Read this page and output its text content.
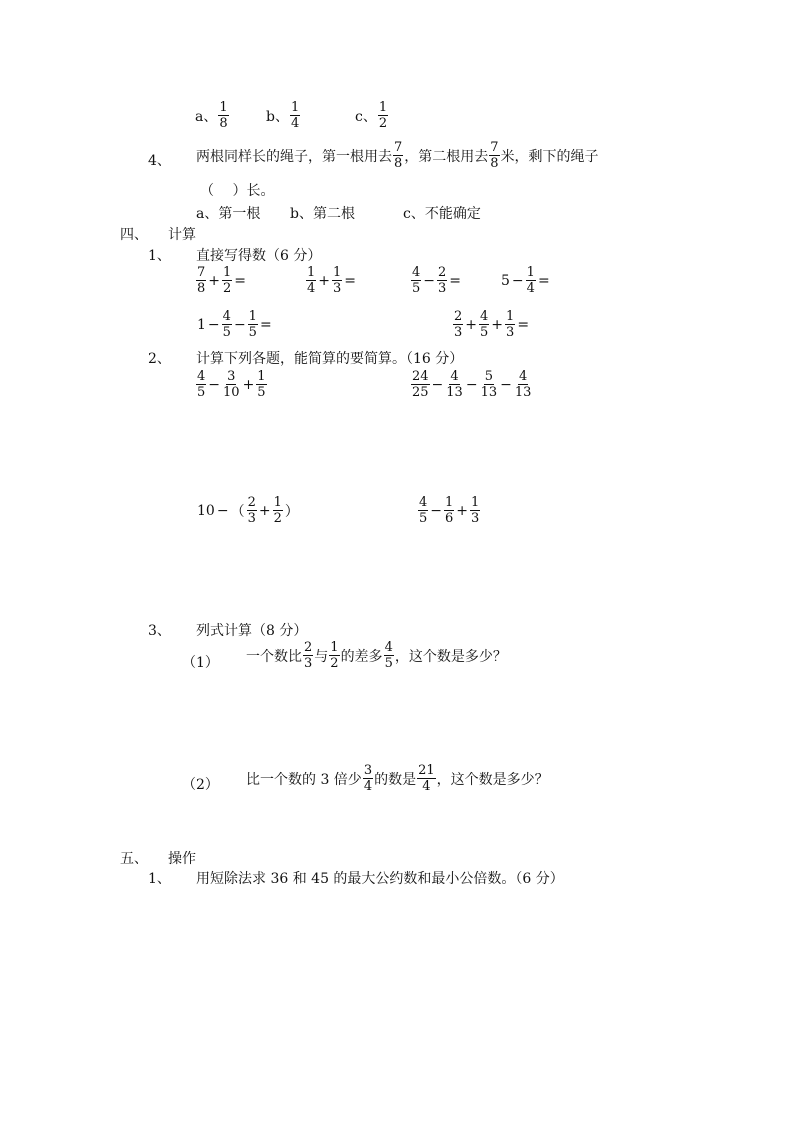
a、 $\frac{1}{8}$	b、 $\frac{1}{4}$	c、 $\frac{1}{2}$
4、 两根同样长的绳子，第一根用去 $\frac{7}{8}$ ，第二根用去 $\frac{7}{8}$ 米，剩下的绳子
（　 ）长。
a、第一根 b、第二根	c、不能确定
四、 计算
1、 直接写得数（6 分）
$\frac{7}{8} + \frac{1}{2}$ =	$\frac{1}{4} + \frac{1}{3}$ =	$\frac{4}{5} - \frac{2}{3}$ =	$5 - \frac{1}{4}$ =
$1 - \frac{4}{5} - \frac{1}{5}$ =	$\frac{2}{3} + \frac{4}{5} + \frac{1}{3}$ =
2、 计算下列各题，能简算的要简算。（16 分）
$\frac{4}{5} - \frac{3}{10} + \frac{1}{5}$	$\frac{24}{25} - \frac{4}{13} - \frac{5}{13} - \frac{4}{13}$
10 − （ $\frac{2}{3} + \frac{1}{2}$ ）	$\frac{4}{5} - \frac{1}{6} + \frac{1}{3}$
3、 列式计算（8 分）
（1） 一个数比 $\frac{2}{3}$ 与 $\frac{1}{2}$ 的差多 $\frac{4}{5}$ ，这个数是多少？
（2） 比一个数的 3 倍少 $\frac{3}{4}$ 的数是 $\frac{21}{4}$ ，这个数是多少？
五、 操作
1、 用短除法求 36 和 45 的最大公约数和最小公倍数。（6 分）
